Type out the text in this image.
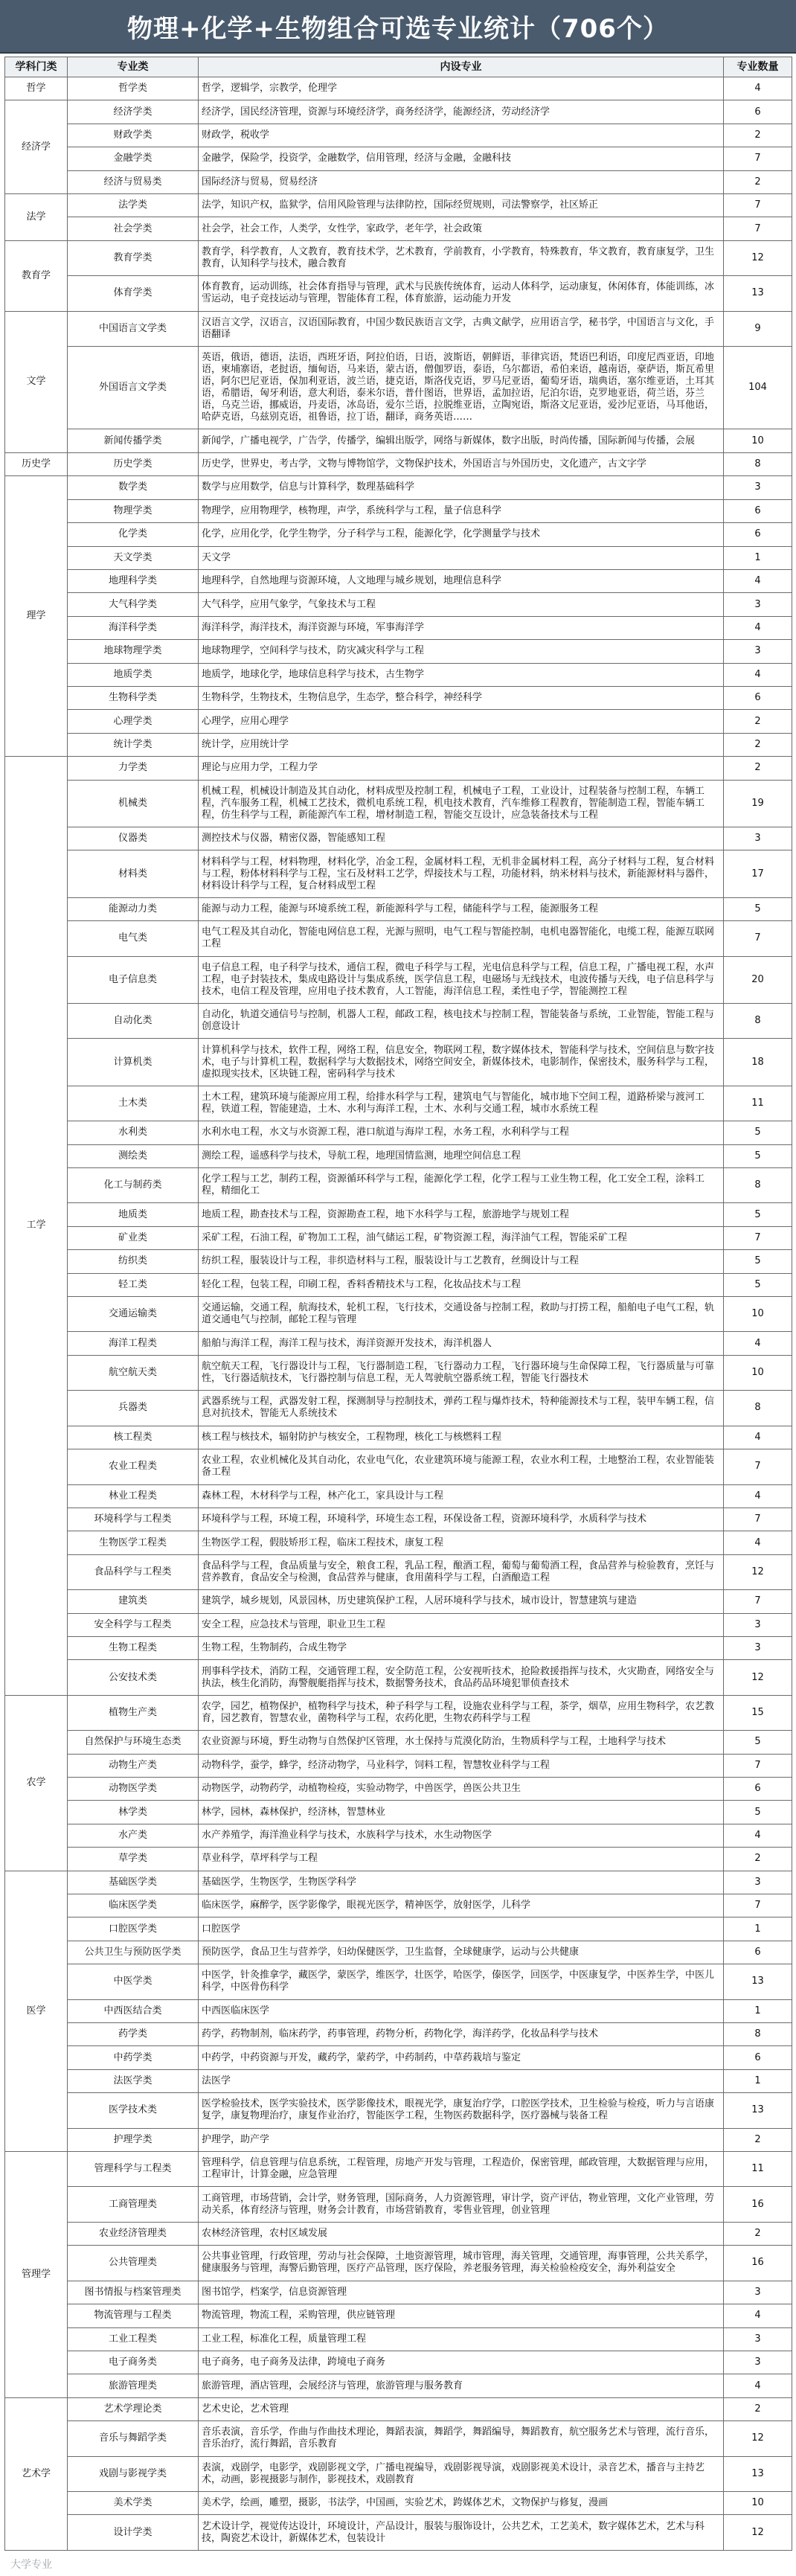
物理+化学+生物组合可选专业统计（706个）
学科门类	专业类	内设专业	专业数量
哲学	哲学类	哲学，逻辑学，宗教学，伦理学	4
经济学	经济学类	经济学，国民经济管理，资源与环境经济学，商务经济学，能源经济，劳动经济学	6
	财政学类	财政学，税收学	2
	金融学类	金融学，保险学，投资学，金融数学，信用管理，经济与金融，金融科技	7
	经济与贸易类	国际经济与贸易，贸易经济	2
法学	法学类	法学，知识产权，监狱学，信用风险管理与法律防控，国际经贸规则，司法警察学，社区矫正	7
	社会学类	社会学，社会工作，人类学，女性学，家政学，老年学，社会政策	7
教育学	教育学类	教育学，科学教育，人文教育，教育技术学，艺术教育，学前教育，小学教育，特殊教育，华文教育，教育康复学，卫生教育，认知科学与技术，融合教育	12
	体育学类	体育教育，运动训练，社会体育指导与管理，武术与民族传统体育，运动人体科学，运动康复，休闲体育，体能训练，冰雪运动，电子竞技运动与管理，智能体育工程，体育旅游，运动能力开发	13
文学	中国语言文学类	汉语言文学，汉语言，汉语国际教育，中国少数民族语言文学，古典文献学，应用语言学，秘书学，中国语言与文化，手语翻译	9
	外国语言文学类	英语，俄语，德语，法语，西班牙语，阿拉伯语，日语，波斯语，朝鲜语，菲律宾语，梵语巴利语，印度尼西亚语，印地语，柬埔寨语，老挝语，缅甸语，马来语，蒙古语，僧伽罗语，泰语，乌尔都语，希伯来语，越南语，豪萨语，斯瓦希里语，阿尔巴尼亚语，保加利亚语，波兰语，捷克语，斯洛伐克语，罗马尼亚语，葡萄牙语，瑞典语，塞尔维亚语，土耳其语，希腊语，匈牙利语，意大利语，泰米尔语，普什图语，世界语，孟加拉语，尼泊尔语，克罗地亚语，荷兰语，芬兰语，乌克兰语，挪威语，丹麦语，冰岛语，爱尔兰语，拉脱维亚语，立陶宛语，斯洛文尼亚语，爱沙尼亚语，马耳他语，哈萨克语，乌兹别克语，祖鲁语，拉丁语，翻译，商务英语……	104
	新闻传播学类	新闻学，广播电视学，广告学，传播学，编辑出版学，网络与新媒体，数字出版，时尚传播，国际新闻与传播，会展	10
历史学	历史学类	历史学，世界史，考古学，文物与博物馆学，文物保护技术，外国语言与外国历史，文化遗产，古文字学	8
理学	数学类	数学与应用数学，信息与计算科学，数理基础科学	3
	物理学类	物理学，应用物理学，核物理，声学，系统科学与工程，量子信息科学	6
	化学类	化学，应用化学，化学生物学，分子科学与工程，能源化学，化学测量学与技术	6
	天文学类	天文学	1
	地理科学类	地理科学，自然地理与资源环境，人文地理与城乡规划，地理信息科学	4
	大气科学类	大气科学，应用气象学，气象技术与工程	3
	海洋科学类	海洋科学，海洋技术，海洋资源与环境，军事海洋学	4
	地球物理学类	地球物理学，空间科学与技术，防灾减灾科学与工程	3
	地质学类	地质学，地球化学，地球信息科学与技术，古生物学	4
	生物科学类	生物科学，生物技术，生物信息学，生态学，整合科学，神经科学	6
	心理学类	心理学，应用心理学	2
	统计学类	统计学，应用统计学	2
工学	力学类	理论与应用力学，工程力学	2
	机械类	机械工程，机械设计制造及其自动化，材料成型及控制工程，机械电子工程，工业设计，过程装备与控制工程，车辆工程，汽车服务工程，机械工艺技术，微机电系统工程，机电技术教育，汽车维修工程教育，智能制造工程，智能车辆工程，仿生科学与工程，新能源汽车工程，增材制造工程，智能交互设计，应急装备技术与工程	19
	仪器类	测控技术与仪器，精密仪器，智能感知工程	3
	材料类	材料科学与工程，材料物理，材料化学，冶金工程，金属材料工程，无机非金属材料工程，高分子材料与工程，复合材料与工程，粉体材料科学与工程，宝石及材料工艺学，焊接技术与工程，功能材料，纳米材料与技术，新能源材料与器件，材料设计科学与工程，复合材料成型工程	17
	能源动力类	能源与动力工程，能源与环境系统工程，新能源科学与工程，储能科学与工程，能源服务工程	5
	电气类	电气工程及其自动化，智能电网信息工程，光源与照明，电气工程与智能控制，电机电器智能化，电缆工程，能源互联网工程	7
	电子信息类	电子信息工程，电子科学与技术，通信工程，微电子科学与工程，光电信息科学与工程，信息工程，广播电视工程，水声工程，电子封装技术，集成电路设计与集成系统，医学信息工程，电磁场与无线技术，电波传播与天线，电子信息科学与技术，电信工程及管理，应用电子技术教育，人工智能，海洋信息工程，柔性电子学，智能测控工程	20
	自动化类	自动化，轨道交通信号与控制，机器人工程，邮政工程，核电技术与控制工程，智能装备与系统，工业智能，智能工程与创意设计	8
	计算机类	计算机科学与技术，软件工程，网络工程，信息安全，物联网工程，数字媒体技术，智能科学与技术，空间信息与数字技术，电子与计算机工程，数据科学与大数据技术，网络空间安全，新媒体技术，电影制作，保密技术，服务科学与工程，虚拟现实技术，区块链工程，密码科学与技术	18
	土木类	土木工程，建筑环境与能源应用工程，给排水科学与工程，建筑电气与智能化，城市地下空间工程，道路桥梁与渡河工程，铁道工程，智能建造，土木、水利与海洋工程，土木、水利与交通工程，城市水系统工程	11
	水利类	水利水电工程，水文与水资源工程，港口航道与海岸工程，水务工程，水利科学与工程	5
	测绘类	测绘工程，遥感科学与技术，导航工程，地理国情监测，地理空间信息工程	5
	化工与制药类	化学工程与工艺，制药工程，资源循环科学与工程，能源化学工程，化学工程与工业生物工程，化工安全工程，涂料工程，精细化工	8
	地质类	地质工程，勘查技术与工程，资源勘查工程，地下水科学与工程，旅游地学与规划工程	5
	矿业类	采矿工程，石油工程，矿物加工工程，油气储运工程，矿物资源工程，海洋油气工程，智能采矿工程	7
	纺织类	纺织工程，服装设计与工程，非织造材料与工程，服装设计与工艺教育，丝绸设计与工程	5
	轻工类	轻化工程，包装工程，印刷工程，香料香精技术与工程，化妆品技术与工程	5
	交通运输类	交通运输，交通工程，航海技术，轮机工程，飞行技术，交通设备与控制工程，救助与打捞工程，船舶电子电气工程，轨道交通电气与控制，邮轮工程与管理	10
	海洋工程类	船舶与海洋工程，海洋工程与技术，海洋资源开发技术，海洋机器人	4
	航空航天类	航空航天工程，飞行器设计与工程，飞行器制造工程，飞行器动力工程，飞行器环境与生命保障工程，飞行器质量与可靠性，飞行器适航技术，飞行器控制与信息工程，无人驾驶航空器系统工程，智能飞行器技术	10
	兵器类	武器系统与工程，武器发射工程，探测制导与控制技术，弹药工程与爆炸技术，特种能源技术与工程，装甲车辆工程，信息对抗技术，智能无人系统技术	8
	核工程类	核工程与核技术，辐射防护与核安全，工程物理，核化工与核燃料工程	4
	农业工程类	农业工程，农业机械化及其自动化，农业电气化，农业建筑环境与能源工程，农业水利工程，土地整治工程，农业智能装备工程	7
	林业工程类	森林工程，木材科学与工程，林产化工，家具设计与工程	4
	环境科学与工程类	环境科学与工程，环境工程，环境科学，环境生态工程，环保设备工程，资源环境科学，水质科学与技术	7
	生物医学工程类	生物医学工程，假肢矫形工程，临床工程技术，康复工程	4
	食品科学与工程类	食品科学与工程，食品质量与安全，粮食工程，乳品工程，酿酒工程，葡萄与葡萄酒工程，食品营养与检验教育，烹饪与营养教育，食品安全与检测，食品营养与健康，食用菌科学与工程，白酒酿造工程	12
	建筑类	建筑学，城乡规划，风景园林，历史建筑保护工程，人居环境科学与技术，城市设计，智慧建筑与建造	7
	安全科学与工程类	安全工程，应急技术与管理，职业卫生工程	3
	生物工程类	生物工程，生物制药，合成生物学	3
	公安技术类	刑事科学技术，消防工程，交通管理工程，安全防范工程，公安视听技术，抢险救援指挥与技术，火灾勘查，网络安全与执法，核生化消防，海警舰艇指挥与技术，数据警务技术，食品药品环境犯罪侦查技术	12
农学	植物生产类	农学，园艺，植物保护，植物科学与技术，种子科学与工程，设施农业科学与工程，茶学，烟草，应用生物科学，农艺教育，园艺教育，智慧农业，菌物科学与工程，农药化肥，生物农药科学与工程	15
	自然保护与环境生态类	农业资源与环境，野生动物与自然保护区管理，水土保持与荒漠化防治，生物质科学与工程，土地科学与技术	5
	动物生产类	动物科学，蚕学，蜂学，经济动物学，马业科学，饲料工程，智慧牧业科学与工程	7
	动物医学类	动物医学，动物药学，动植物检疫，实验动物学，中兽医学，兽医公共卫生	6
	林学类	林学，园林，森林保护，经济林，智慧林业	5
	水产类	水产养殖学，海洋渔业科学与技术，水族科学与技术，水生动物医学	4
	草学类	草业科学，草坪科学与工程	2
医学	基础医学类	基础医学，生物医学，生物医学科学	3
	临床医学类	临床医学，麻醉学，医学影像学，眼视光医学，精神医学，放射医学，儿科学	7
	口腔医学类	口腔医学	1
	公共卫生与预防医学类	预防医学，食品卫生与营养学，妇幼保健医学，卫生监督，全球健康学，运动与公共健康	6
	中医学类	中医学，针灸推拿学，藏医学，蒙医学，维医学，壮医学，哈医学，傣医学，回医学，中医康复学，中医养生学，中医儿科学，中医骨伤科学	13
	中西医结合类	中西医临床医学	1
	药学类	药学，药物制剂，临床药学，药事管理，药物分析，药物化学，海洋药学，化妆品科学与技术	8
	中药学类	中药学，中药资源与开发，藏药学，蒙药学，中药制药，中草药栽培与鉴定	6
	法医学类	法医学	1
	医学技术类	医学检验技术，医学实验技术，医学影像技术，眼视光学，康复治疗学，口腔医学技术，卫生检验与检疫，听力与言语康复学，康复物理治疗，康复作业治疗，智能医学工程，生物医药数据科学，医疗器械与装备工程	13
	护理学类	护理学，助产学	2
管理学	管理科学与工程类	管理科学，信息管理与信息系统，工程管理，房地产开发与管理，工程造价，保密管理，邮政管理，大数据管理与应用，工程审计，计算金融，应急管理	11
	工商管理类	工商管理，市场营销，会计学，财务管理，国际商务，人力资源管理，审计学，资产评估，物业管理，文化产业管理，劳动关系，体育经济与管理，财务会计教育，市场营销教育，零售业管理，创业管理	16
	农业经济管理类	农林经济管理，农村区域发展	2
	公共管理类	公共事业管理，行政管理，劳动与社会保障，土地资源管理，城市管理，海关管理，交通管理，海事管理，公共关系学，健康服务与管理，海警后勤管理，医疗产品管理，医疗保险，养老服务管理，海关检验检疫安全，海外利益安全	16
	图书情报与档案管理类	图书馆学，档案学，信息资源管理	3
	物流管理与工程类	物流管理，物流工程，采购管理，供应链管理	4
	工业工程类	工业工程，标准化工程，质量管理工程	3
	电子商务类	电子商务，电子商务及法律，跨境电子商务	3
	旅游管理类	旅游管理，酒店管理，会展经济与管理，旅游管理与服务教育	4
艺术学	艺术学理论类	艺术史论，艺术管理	2
	音乐与舞蹈学类	音乐表演，音乐学，作曲与作曲技术理论，舞蹈表演，舞蹈学，舞蹈编导，舞蹈教育，航空服务艺术与管理，流行音乐，音乐治疗，流行舞蹈，音乐教育	12
	戏剧与影视学类	表演，戏剧学，电影学，戏剧影视文学，广播电视编导，戏剧影视导演，戏剧影视美术设计，录音艺术，播音与主持艺术，动画，影视摄影与制作，影视技术，戏剧教育	13
	美术学类	美术学，绘画，雕塑，摄影，书法学，中国画，实验艺术，跨媒体艺术，文物保护与修复，漫画	10
	设计学类	艺术设计学，视觉传达设计，环境设计，产品设计，服装与服饰设计，公共艺术，工艺美术，数字媒体艺术，艺术与科技，陶瓷艺术设计，新媒体艺术，包装设计	12
大学专业
